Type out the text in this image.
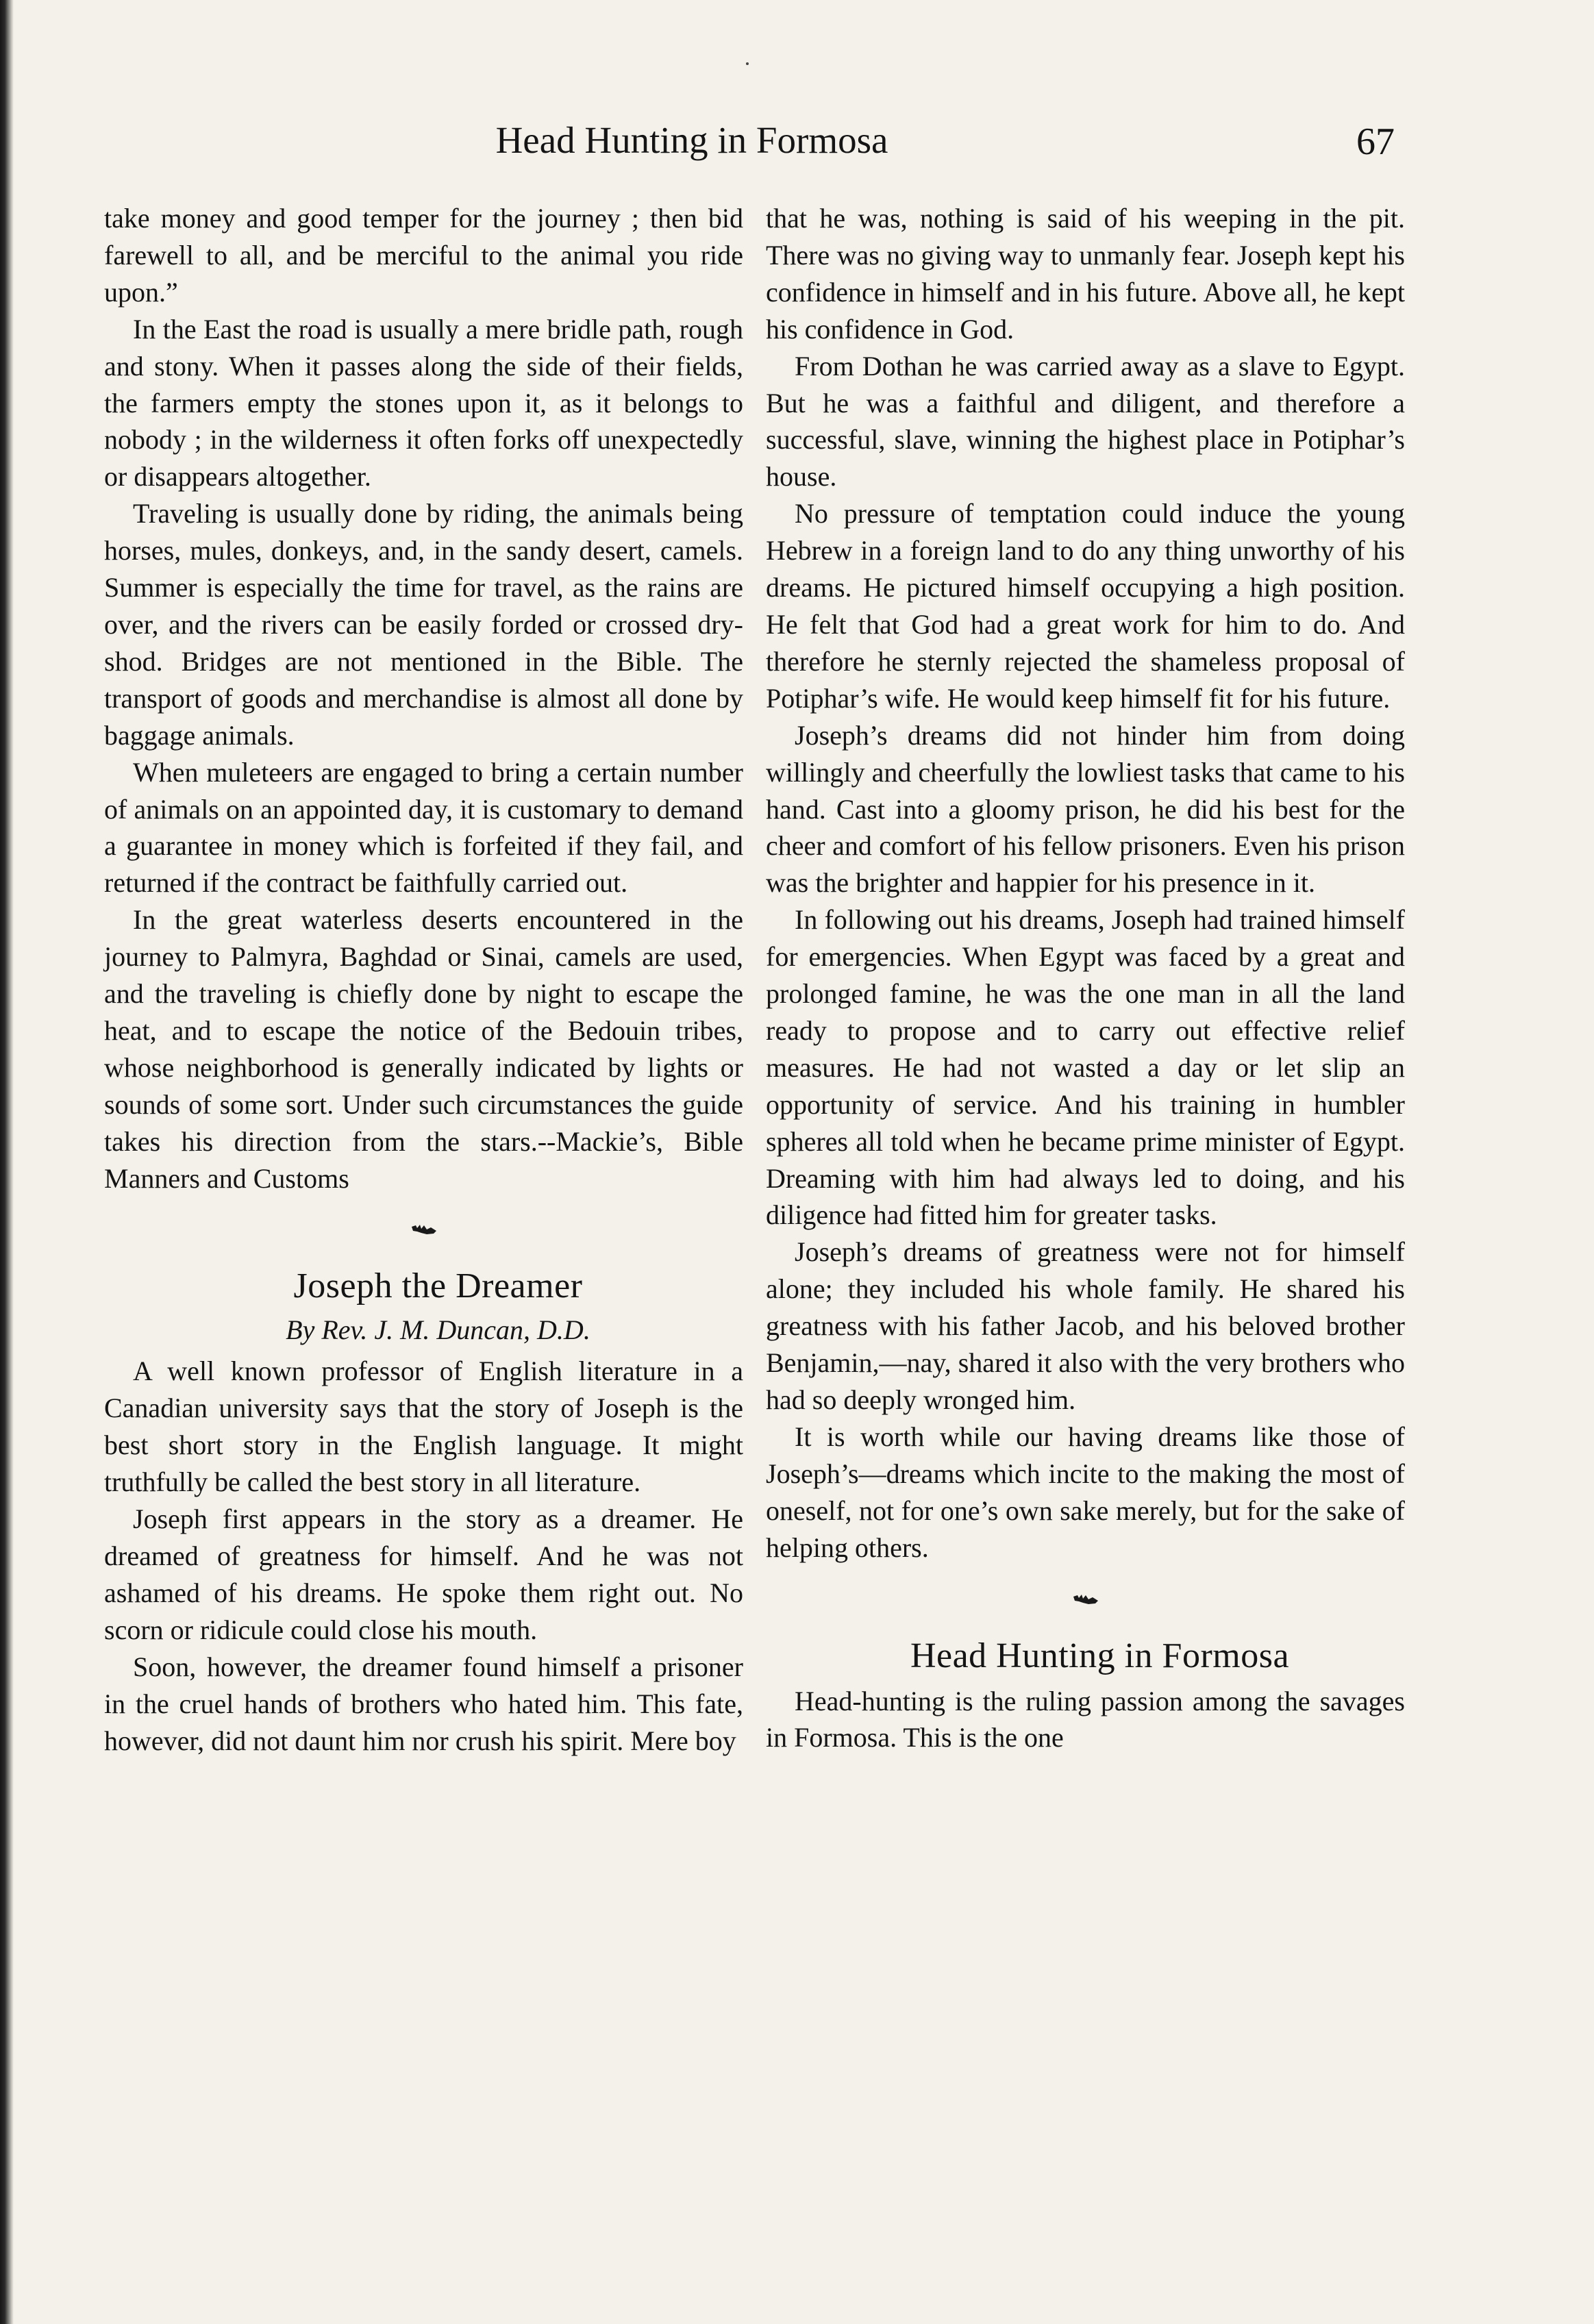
Head Hunting in Formosa	67

take money and good temper for the journey ; then bid farewell to all, and be merciful to the animal you ride upon.”

In the East the road is usually a mere bridle path, rough and stony. When it passes along the side of their fields, the farmers empty the stones upon it, as it belongs to nobody ; in the wilderness it often forks off unexpectedly or disappears altogether.

Traveling is usually done by riding, the animals being horses, mules, donkeys, and, in the sandy desert, camels. Summer is especially the time for travel, as the rains are over, and the rivers can be easily forded or crossed dry-shod. Bridges are not mentioned in the Bible. The transport of goods and merchandise is almost all done by baggage animals.

When muleteers are engaged to bring a certain number of animals on an appointed day, it is customary to demand a guarantee in money which is forfeited if they fail, and returned if the contract be faithfully carried out.

In the great waterless deserts encountered in the journey to Palmyra, Baghdad or Sinai, camels are used, and the traveling is chiefly done by night to escape the heat, and to escape the notice of the Bedouin tribes, whose neighborhood is generally indicated by lights or sounds of some sort. Under such circumstances the guide takes his direction from the stars.--Mackie’s, Bible Manners and Customs

Joseph the Dreamer

By Rev. J. M. Duncan, D.D.

A well known professor of English literature in a Canadian university says that the story of Joseph is the best short story in the English language. It might truthfully be called the best story in all literature.

Joseph first appears in the story as a dreamer. He dreamed of greatness for himself. And he was not ashamed of his dreams. He spoke them right out. No scorn or ridicule could close his mouth.

Soon, however, the dreamer found himself a prisoner in the cruel hands of brothers who hated him. This fate, however, did not daunt him nor crush his spirit. Mere boy

that he was, nothing is said of his weeping in the pit. There was no giving way to unmanly fear. Joseph kept his confidence in himself and in his future. Above all, he kept his confidence in God.

From Dothan he was carried away as a slave to Egypt. But he was a faithful and diligent, and therefore a successful, slave, winning the highest place in Potiphar’s house.

No pressure of temptation could induce the young Hebrew in a foreign land to do any thing unworthy of his dreams. He pictured himself occupying a high position. He felt that God had a great work for him to do. And therefore he sternly rejected the shameless proposal of Potiphar’s wife. He would keep himself fit for his future.

Joseph’s dreams did not hinder him from doing willingly and cheerfully the lowliest tasks that came to his hand. Cast into a gloomy prison, he did his best for the cheer and comfort of his fellow prisoners. Even his prison was the brighter and happier for his presence in it.

In following out his dreams, Joseph had trained himself for emergencies. When Egypt was faced by a great and prolonged famine, he was the one man in all the land ready to propose and to carry out effective relief measures. He had not wasted a day or let slip an opportunity of service. And his training in humbler spheres all told when he became prime minister of Egypt. Dreaming with him had always led to doing, and his diligence had fitted him for greater tasks.

Joseph’s dreams of greatness were not for himself alone; they included his whole family. He shared his greatness with his father Jacob, and his beloved brother Benjamin,—nay, shared it also with the very brothers who had so deeply wronged him.

It is worth while our having dreams like those of Joseph’s—dreams which incite to the making the most of oneself, not for one’s own sake merely, but for the sake of helping others.

Head Hunting in Formosa

Head-hunting is the ruling passion among the savages in Formosa. This is the one
